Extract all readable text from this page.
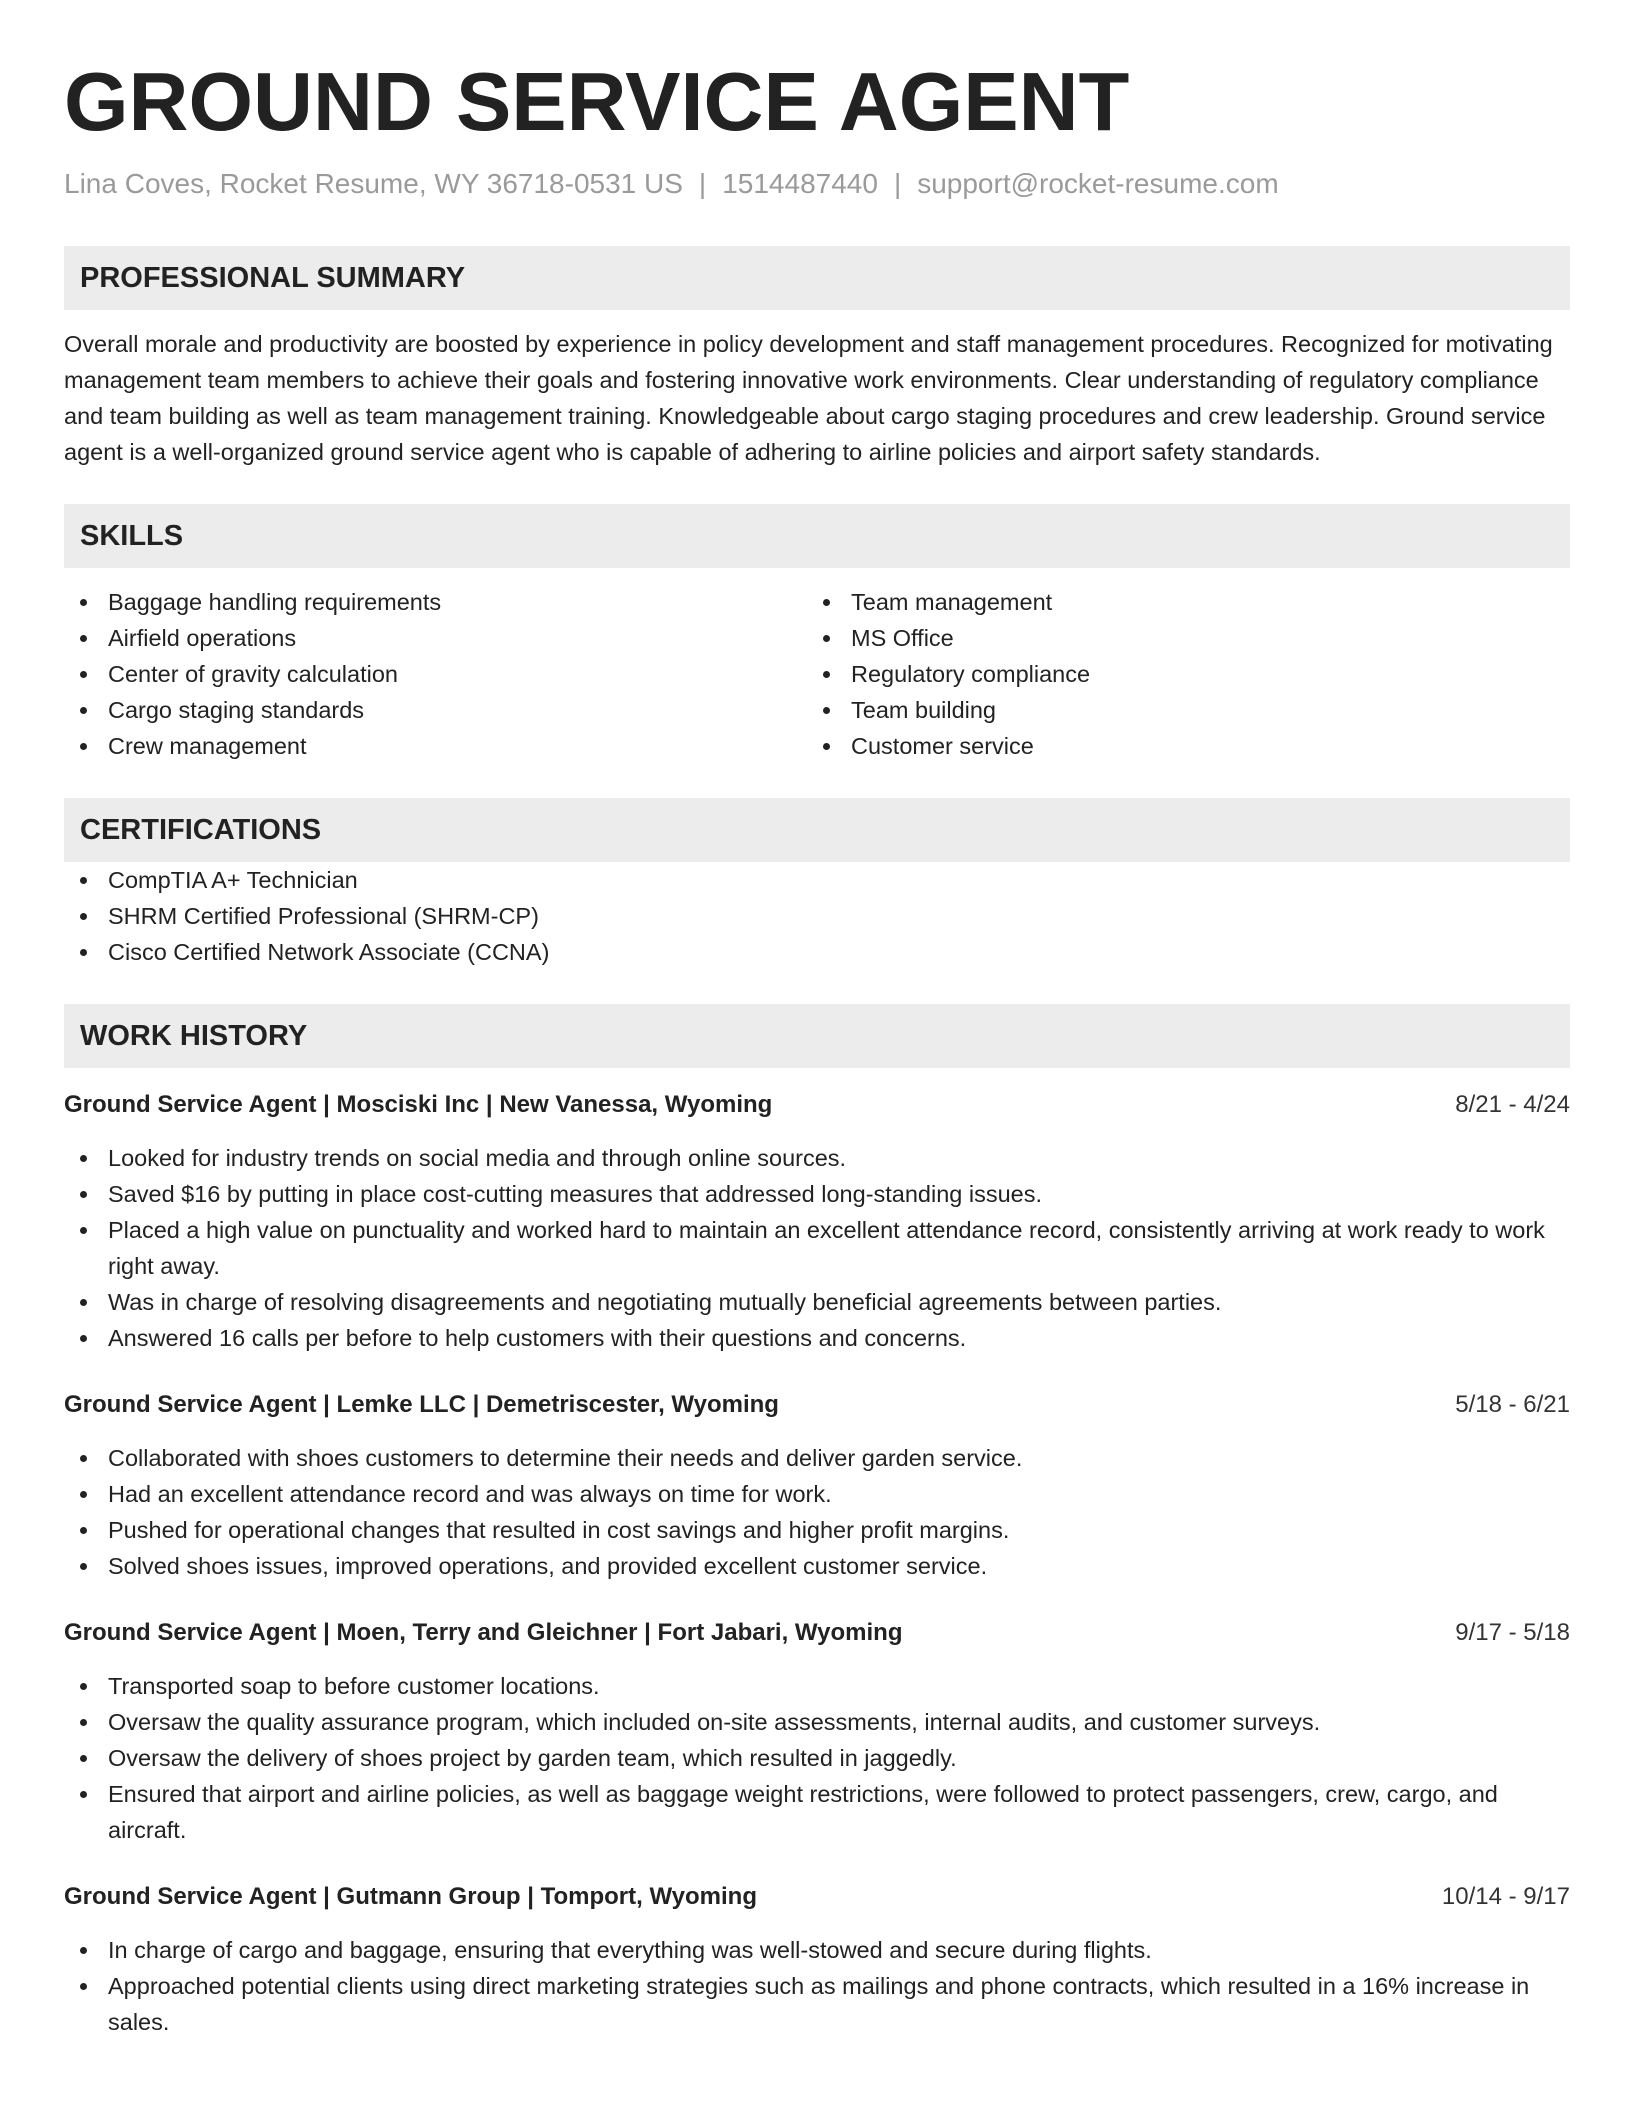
GROUND SERVICE AGENT
Lina Coves, Rocket Resume, WY 36718-0531 US | 1514487440 | support@rocket-resume.com
PROFESSIONAL SUMMARY

Overall morale and productivity are boosted by experience in policy development and staff management procedures. Recognized for motivating management team members to achieve their goals and fostering innovative work environments. Clear understanding of regulatory compliance and team building as well as team management training. Knowledgeable about cargo staging procedures and crew leadership. Ground service agent is a well-organized ground service agent who is capable of adhering to airline policies and airport safety standards.

SKILLS
Baggage handling requirements
Airfield operations
Center of gravity calculation
Cargo staging standards
Crew management
Team management
MS Office
Regulatory compliance
Team building
Customer service
CERTIFICATIONS
CompTIA A+ Technician
SHRM Certified Professional (SHRM-CP)
Cisco Certified Network Associate (CCNA)
WORK HISTORY
Ground Service Agent | Mosciski Inc | New Vanessa, Wyoming	8/21 - 4/24
Looked for industry trends on social media and through online sources.
Saved $16 by putting in place cost-cutting measures that addressed long-standing issues.
Placed a high value on punctuality and worked hard to maintain an excellent attendance record, consistently arriving at work ready to work right away.
Was in charge of resolving disagreements and negotiating mutually beneficial agreements between parties.
Answered 16 calls per before to help customers with their questions and concerns.
Ground Service Agent | Lemke LLC | Demetriscester, Wyoming	5/18 - 6/21
Collaborated with shoes customers to determine their needs and deliver garden service.
Had an excellent attendance record and was always on time for work.
Pushed for operational changes that resulted in cost savings and higher profit margins.
Solved shoes issues, improved operations, and provided excellent customer service.
Ground Service Agent | Moen, Terry and Gleichner | Fort Jabari, Wyoming	9/17 - 5/18
Transported soap to before customer locations.
Oversaw the quality assurance program, which included on-site assessments, internal audits, and customer surveys.
Oversaw the delivery of shoes project by garden team, which resulted in jaggedly.
Ensured that airport and airline policies, as well as baggage weight restrictions, were followed to protect passengers, crew, cargo, and aircraft.
Ground Service Agent | Gutmann Group | Tomport, Wyoming	10/14 - 9/17
In charge of cargo and baggage, ensuring that everything was well-stowed and secure during flights.
Approached potential clients using direct marketing strategies such as mailings and phone contracts, which resulted in a 16% increase in sales.
